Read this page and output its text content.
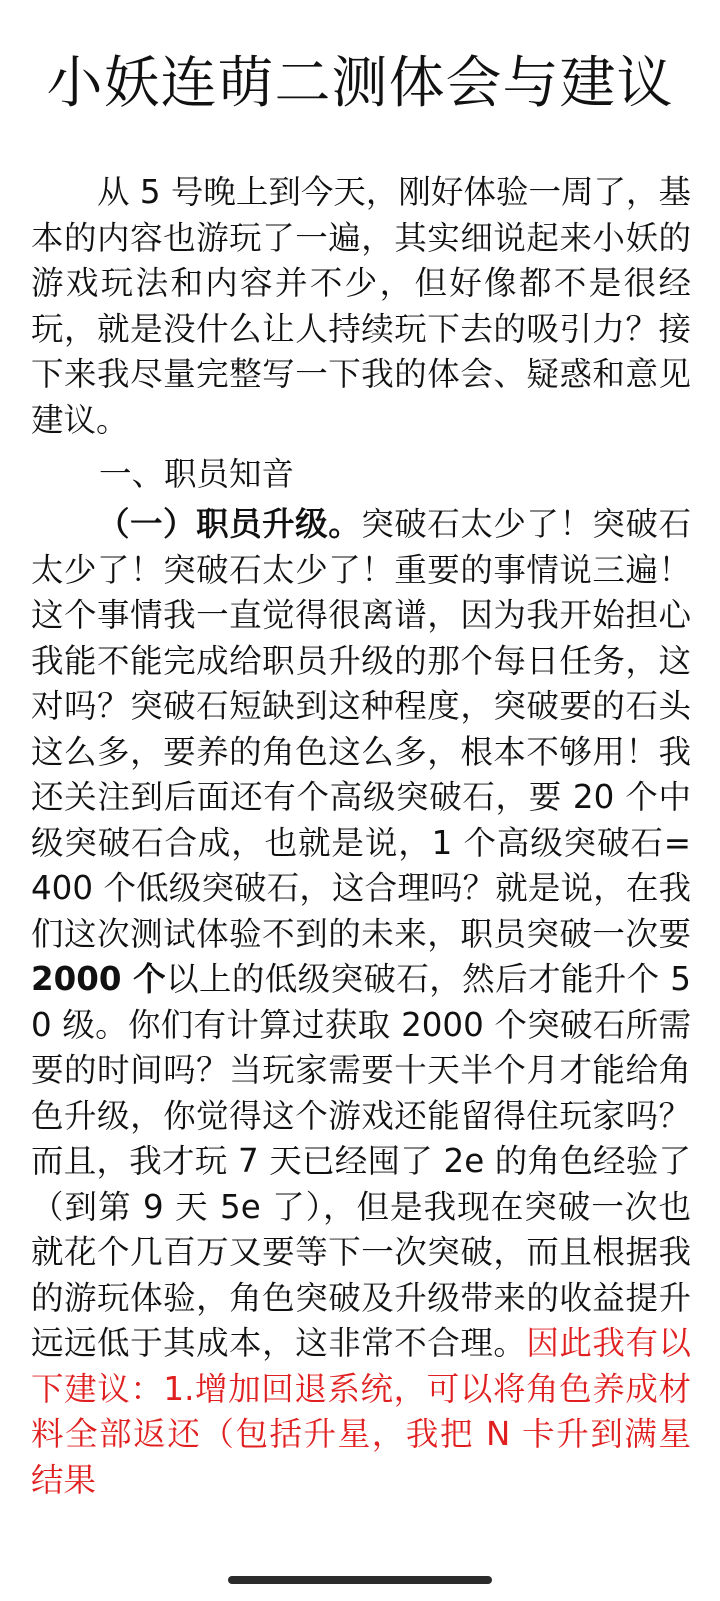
小妖连萌二测体会与建议

从 5 号晚上到今天，刚好体验一周了，基本的内容也游玩了一遍，其实细说起来小妖的游戏玩法和内容并不少，但好像都不是很经玩，就是没什么让人持续玩下去的吸引力？接下来我尽量完整写一下我的体会、疑惑和意见建议。

一、职员知音

（一）职员升级。突破石太少了！突破石太少了！突破石太少了！重要的事情说三遍！这个事情我一直觉得很离谱，因为我开始担心我能不能完成给职员升级的那个每日任务，这对吗？突破石短缺到这种程度，突破要的石头这么多，要养的角色这么多，根本不够用！我还关注到后面还有个高级突破石，要 20 个中级突破石合成，也就是说，1 个高级突破石=400 个低级突破石，这合理吗？就是说，在我们这次测试体验不到的未来，职员突破一次要2000 个以上的低级突破石，然后才能升个 50 级。你们有计算过获取 2000 个突破石所需要的时间吗？当玩家需要十天半个月才能给角色升级，你觉得这个游戏还能留得住玩家吗？而且，我才玩 7 天已经囤了 2e 的角色经验了（到第 9 天 5e 了），但是我现在突破一次也就花个几百万又要等下一次突破，而且根据我的游玩体验，角色突破及升级带来的收益提升远远低于其成本，这非常不合理。因此我有以下建议：1.增加回退系统，可以将角色养成材料全部返还（包括升星，我把 N 卡升到满星结果
